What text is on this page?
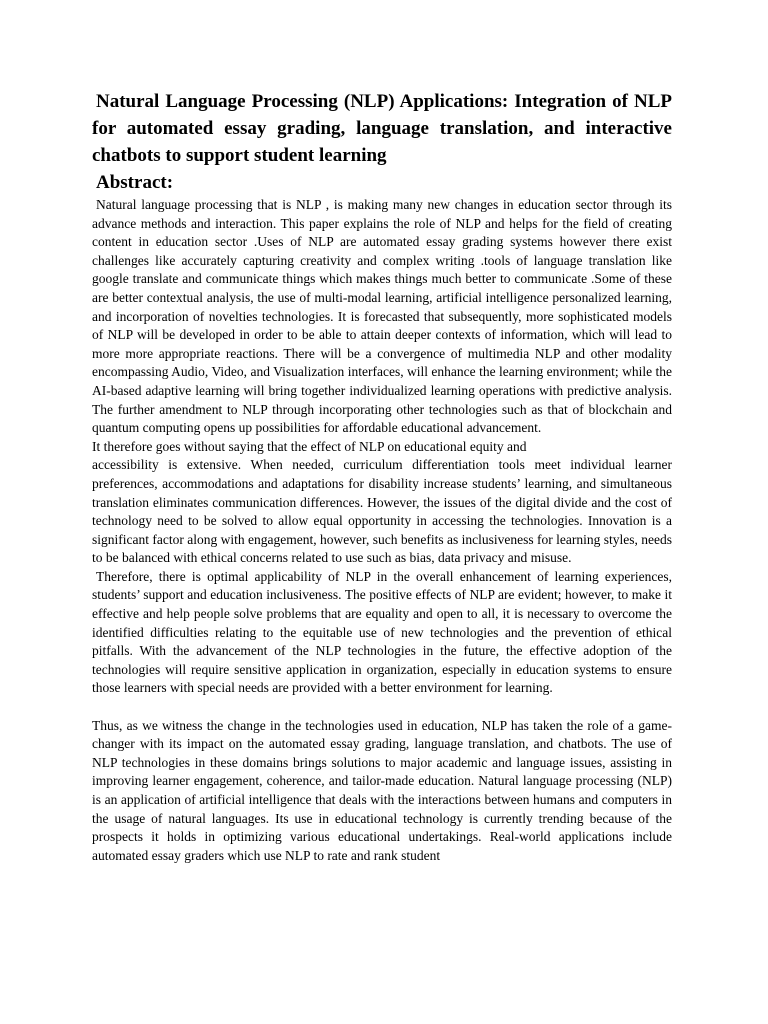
Natural Language Processing (NLP) Applications: Integration of NLP for automated essay grading, language translation, and interactive chatbots to support student learning
Abstract:

Natural language processing that is NLP , is making many new changes in education sector through its advance methods and interaction. This paper explains the role of NLP and helps for the field of creating content in education sector .Uses of NLP are automated essay grading systems however there exist challenges like accurately capturing creativity and complex writing .tools of language translation like google translate and communicate things which makes things much better to communicate .Some of these are better contextual analysis, the use of multi-modal learning, artificial intelligence personalized learning, and incorporation of novelties technologies. It is forecasted that subsequently, more sophisticated models of NLP will be developed in order to be able to attain deeper contexts of information, which will lead to more more appropriate reactions. There will be a convergence of multimedia NLP and other modality encompassing Audio, Video, and Visualization interfaces, will enhance the learning environment; while the AI-based adaptive learning will bring together individualized learning operations with predictive analysis. The further amendment to NLP through incorporating other technologies such as that of blockchain and quantum computing opens up possibilities for affordable educational advancement.

It therefore goes without saying that the effect of NLP on educational equity and

accessibility is extensive. When needed, curriculum differentiation tools meet individual learner preferences, accommodations and adaptations for disability increase students’ learning, and simultaneous translation eliminates communication differences. However, the issues of the digital divide and the cost of technology need to be solved to allow equal opportunity in accessing the technologies. Innovation is a significant factor along with engagement, however, such benefits as inclusiveness for learning styles, needs to be balanced with ethical concerns related to use such as bias, data privacy and misuse.

Therefore, there is optimal applicability of NLP in the overall enhancement of learning experiences, students’ support and education inclusiveness. The positive effects of NLP are evident; however, to make it effective and help people solve problems that are equality and open to all, it is necessary to overcome the identified difficulties relating to the equitable use of new technologies and the prevention of ethical pitfalls. With the advancement of the NLP technologies in the future, the effective adoption of the technologies will require sensitive application in organization, especially in education systems to ensure those learners with special needs are provided with a better environment for learning.

Thus, as we witness the change in the technologies used in education, NLP has taken the role of a game-changer with its impact on the automated essay grading, language translation, and chatbots. The use of NLP technologies in these domains brings solutions to major academic and language issues, assisting in improving learner engagement, coherence, and tailor-made education. Natural language processing (NLP) is an application of artificial intelligence that deals with the interactions between humans and computers in the usage of natural languages. Its use in educational technology is currently trending because of the prospects it holds in optimizing various educational undertakings. Real-world applications include automated essay graders which use NLP to rate and rank student
